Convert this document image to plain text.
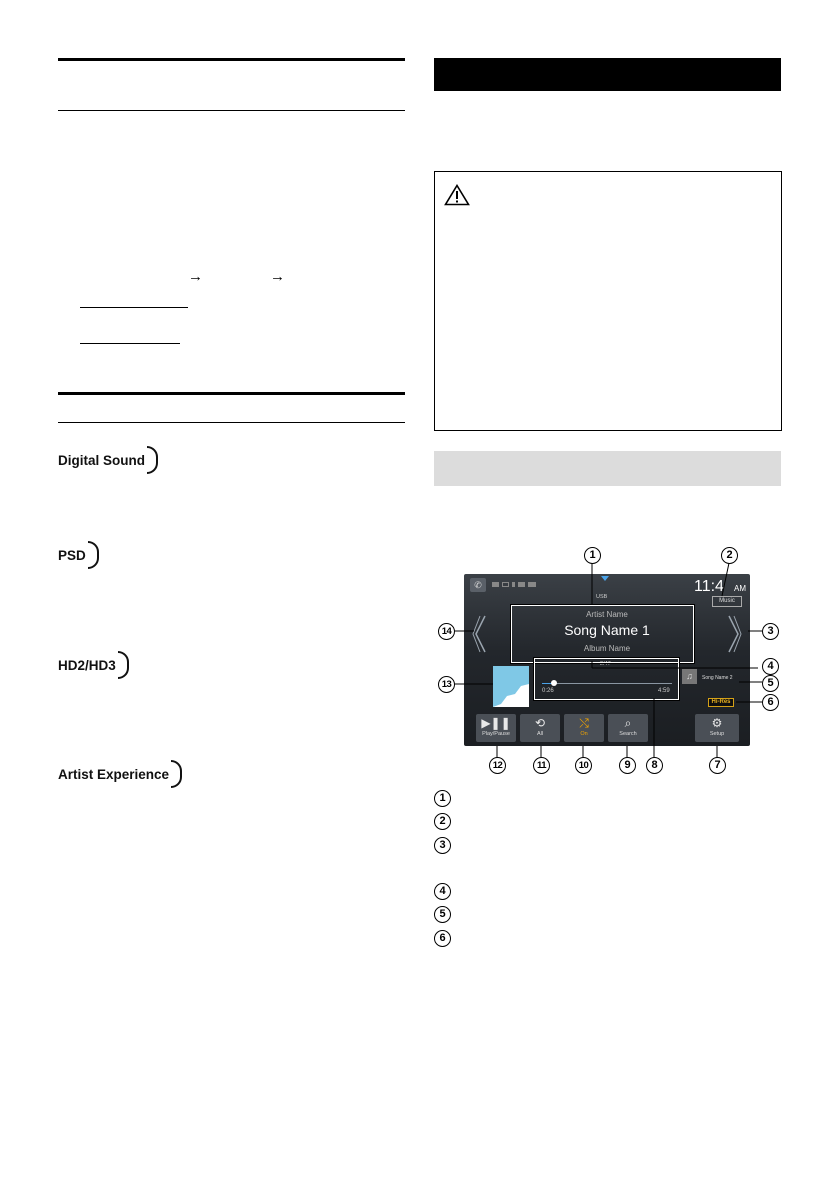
→	→
Digital Sound
PSD
HD2/HD3
Artist Experience
✆
USB
11:4 AM
Music
Artist Name
Song Name 1
Album Name
2/47
0:26	4:59
♫	Song Name 2
Hi-Res
▶❚❚
Play/Pause
⟲
All
⤭
On
⌕
Search
⚙
Setup
1	2
3
4
5
6
7
8
9
10
11
12
13
14
1
2
3
4
5
6
